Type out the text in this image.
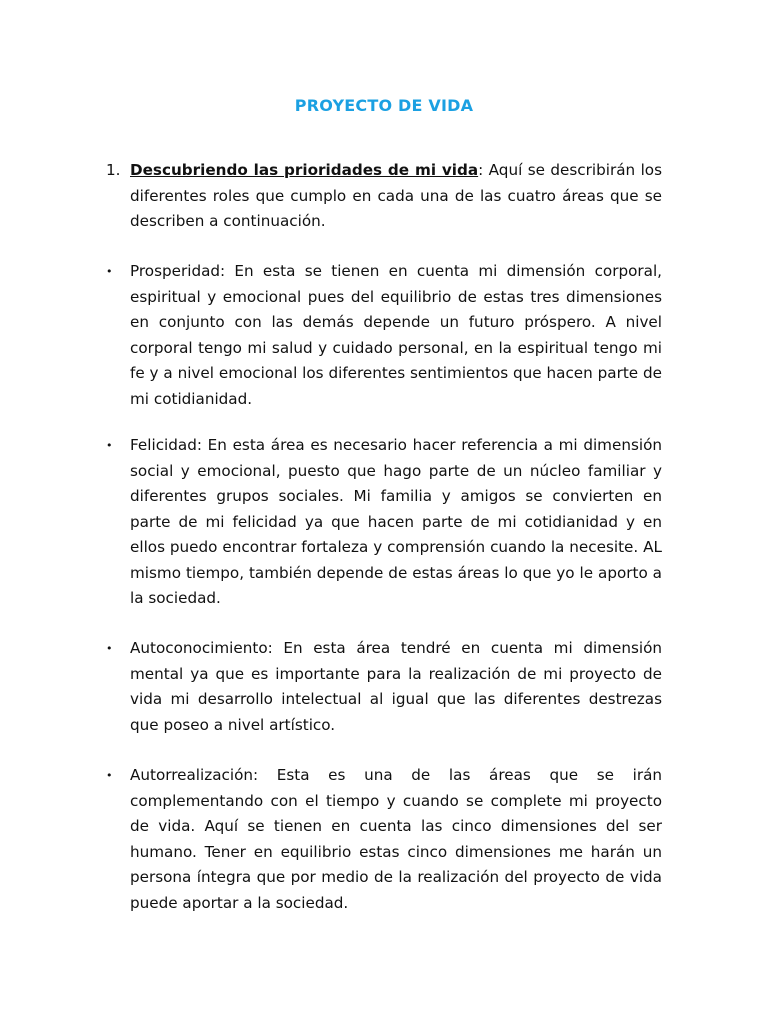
PROYECTO DE VIDA
1. Descubriendo las prioridades de mi vida: Aquí se describirán los diferentes roles que cumplo en cada una de las cuatro áreas que se describen a continuación.
• Prosperidad: En esta se tienen en cuenta mi dimensión corporal, espiritual y emocional pues del equilibrio de estas tres dimensiones en conjunto con las demás depende un futuro próspero. A nivel corporal tengo mi salud y cuidado personal, en la espiritual tengo mi fe y a nivel emocional los diferentes sentimientos que hacen parte de mi cotidianidad.
• Felicidad: En esta área es necesario hacer referencia a mi dimensión social y emocional, puesto que hago parte de un núcleo familiar y diferentes grupos sociales. Mi familia y amigos se convierten en parte de mi felicidad ya que hacen parte de mi cotidianidad y en ellos puedo encontrar fortaleza y comprensión cuando la necesite. AL mismo tiempo, también depende de estas áreas lo que yo le aporto a la sociedad.
• Autoconocimiento: En esta área tendré en cuenta mi dimensión mental ya que es importante para la realización de mi proyecto de vida mi desarrollo intelectual al igual que las diferentes destrezas que poseo a nivel artístico.
• Autorrealización: Esta es una de las áreas que se irán complementando con el tiempo y cuando se complete mi proyecto de vida. Aquí se tienen en cuenta las cinco dimensiones del ser humano. Tener en equilibrio estas cinco dimensiones me harán un persona íntegra que por medio de la realización del proyecto de vida puede aportar a la sociedad.
